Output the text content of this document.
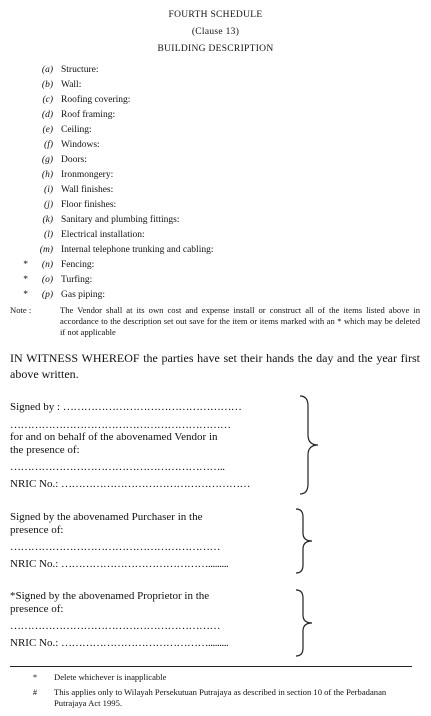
FOURTH SCHEDULE
(Clause 13)
BUILDING DESCRIPTION
(a) Structure:
(b) Wall:
(c) Roofing covering:
(d) Roof framing:
(e) Ceiling:
(f) Windows:
(g) Doors:
(h) Ironmongery:
(i) Wall finishes:
(j) Floor finishes:
(k) Sanitary and plumbing fittings:
(l) Electrical installation:
(m) Internal telephone trunking and cabling:
*	(n) Fencing:
*	(o) Turfing:
*	(p) Gas piping:
Note :	The Vendor shall at its own cost and expense install or construct all of the items listed above in accordance to the description set out save for the item or items marked with an * which may be deleted if not applicable
IN WITNESS WHEREOF the parties have set their hands the day and the year first above written.
Signed by : ……………………………………………
………………………………………………………
for and on behalf of the abovenamed Vendor in
the presence of:
……………………………………………………..
NRIC No.: ………………………………………………
Signed by the abovenamed Purchaser in the
presence of:
……………………………………………………
NRIC No.: …………………………………….........
*Signed by the abovenamed Proprietor in the
presence of:
……………………………………………………
NRIC No.: …………………………………….........
*	Delete whichever is inapplicable
#	This applies only to Wilayah Persekutuan Putrajaya as described in section 10 of the Perbadanan Putrajaya Act 1995.
